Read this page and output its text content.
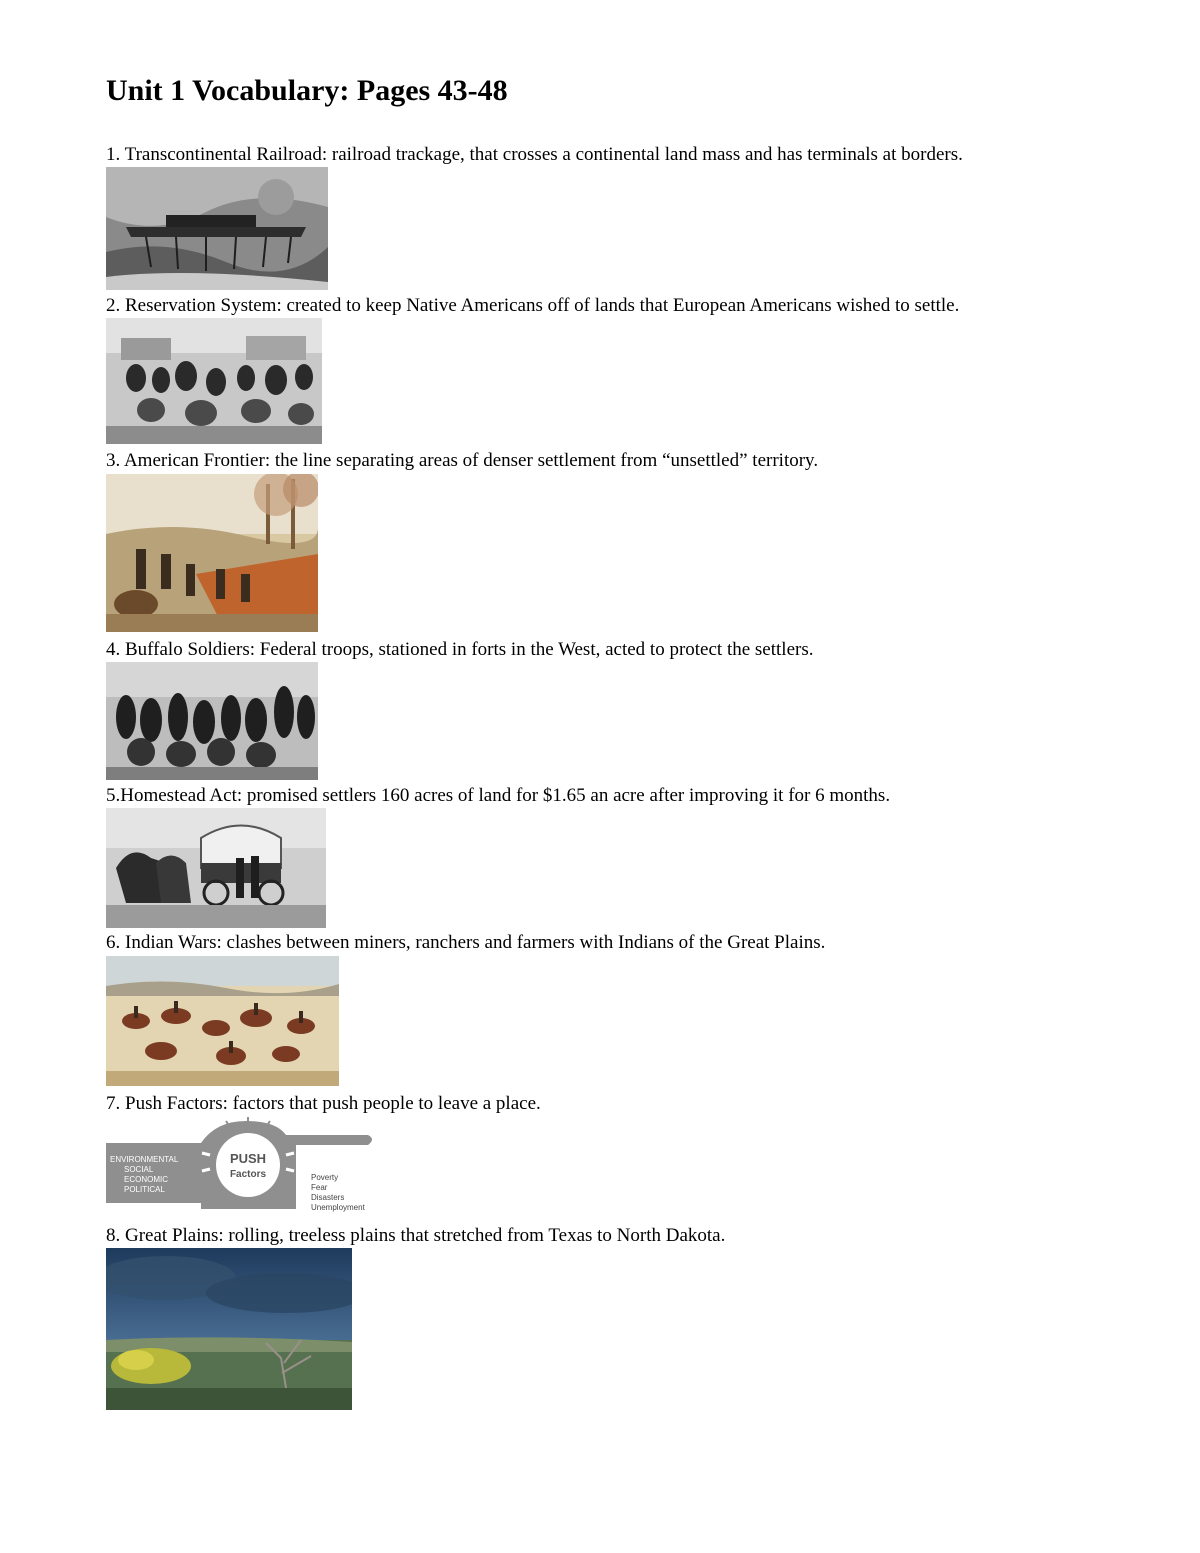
Unit 1 Vocabulary: Pages 43-48
1. Transcontinental Railroad: railroad trackage, that crosses a continental land mass and has terminals at borders.
2. Reservation System: created to keep Native Americans off of lands that European Americans wished to settle.
3. American Frontier: the line separating areas of denser settlement from “unsettled” territory.
4. Buffalo Soldiers: Federal troops, stationed in forts in the West, acted to protect the settlers.
5.Homestead Act: promised settlers 160 acres of land for $1.65 an acre after improving it for 6 months.
6. Indian Wars: clashes between miners, ranchers and farmers with Indians of the Great Plains.
7. Push Factors: factors that push people to leave a place.
PUSH
Factors
ENVIRONMENTAL
SOCIAL
ECONOMIC
POLITICAL
LEAVE
Poverty
Fear
Disasters
Unemployment
8. Great Plains: rolling, treeless plains that stretched from Texas to North Dakota.
